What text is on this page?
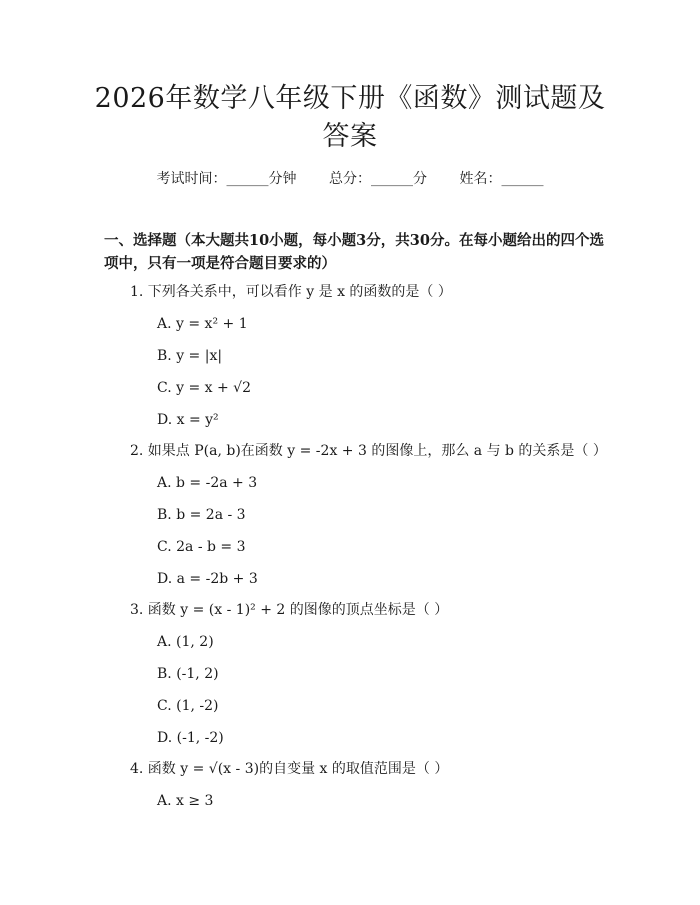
2026年数学八年级下册《函数》测试题及答案
考试时间：______分钟 总分：______分 姓名：______
一、选择题（本大题共10小题，每小题3分，共30分。在每小题给出的四个选项中，只有一项是符合题目要求的）
1. 下列各关系中，可以看作 y 是 x 的函数的是（ ）
A. y = x² + 1
B. y = |x|
C. y = x + √2
D. x = y²
2. 如果点 P(a, b)在函数 y = -2x + 3 的图像上，那么 a 与 b 的关系是（ ）
A. b = -2a + 3
B. b = 2a - 3
C. 2a - b = 3
D. a = -2b + 3
3. 函数 y = (x - 1)² + 2 的图像的顶点坐标是（ ）
A. (1, 2)
B. (-1, 2)
C. (1, -2)
D. (-1, -2)
4. 函数 y = √(x - 3)的自变量 x 的取值范围是（ ）
A. x ≥ 3
